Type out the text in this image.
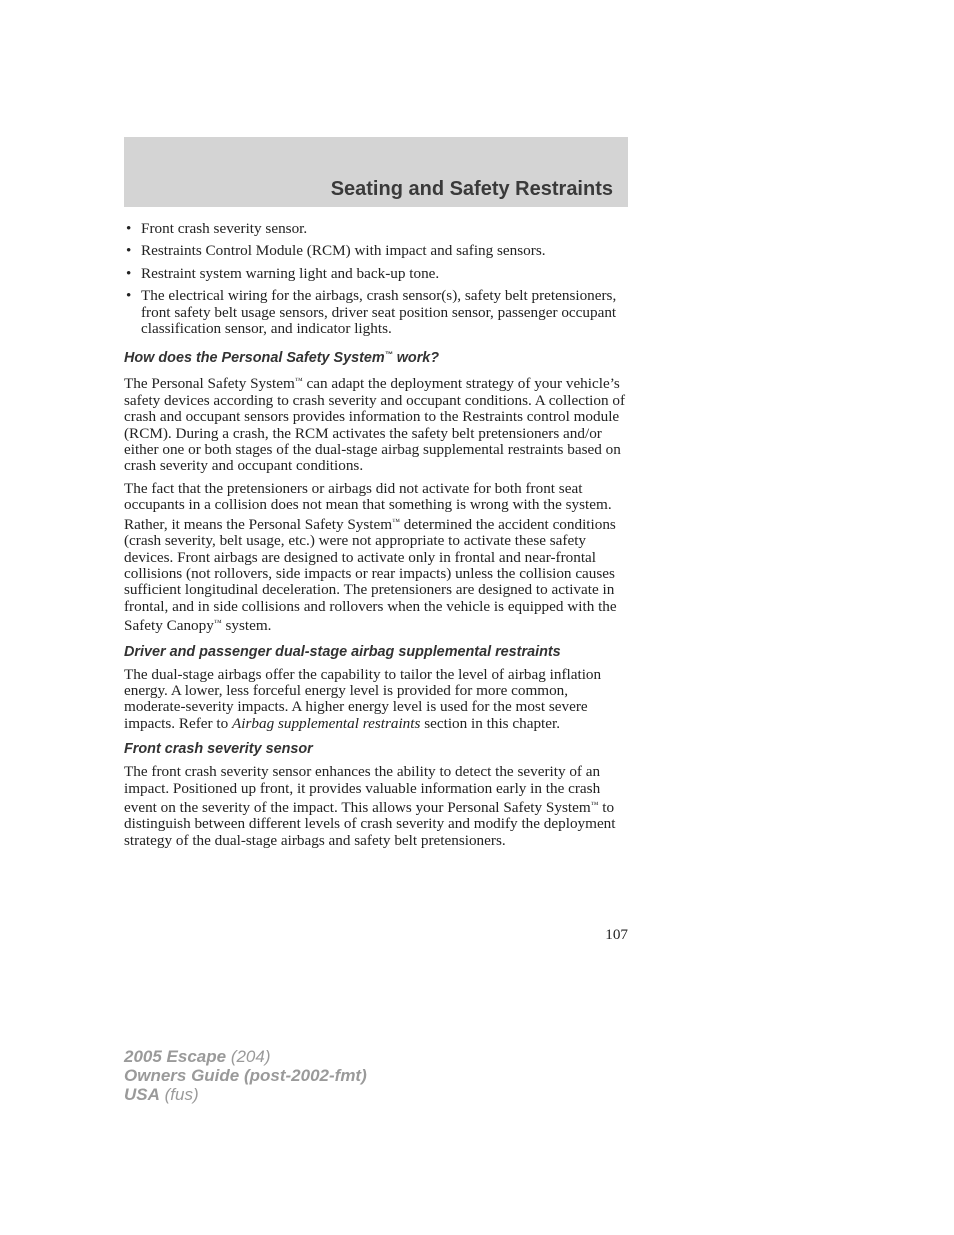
Seating and Safety Restraints
• Front crash severity sensor.
• Restraints Control Module (RCM) with impact and safing sensors.
• Restraint system warning light and back-up tone.
• The electrical wiring for the airbags, crash sensor(s), safety belt pretensioners, front safety belt usage sensors, driver seat position sensor, passenger occupant classification sensor, and indicator lights.
How does the Personal Safety System™ work?

The Personal Safety System™ can adapt the deployment strategy of your vehicle’s safety devices according to crash severity and occupant conditions. A collection of crash and occupant sensors provides information to the Restraints control module (RCM). During a crash, the RCM activates the safety belt pretensioners and/or either one or both stages of the dual-stage airbag supplemental restraints based on crash severity and occupant conditions.

The fact that the pretensioners or airbags did not activate for both front seat occupants in a collision does not mean that something is wrong with the system. Rather, it means the Personal Safety System™ determined the accident conditions (crash severity, belt usage, etc.) were not appropriate to activate these safety devices. Front airbags are designed to activate only in frontal and near-frontal collisions (not rollovers, side impacts or rear impacts) unless the collision causes sufficient longitudinal deceleration. The pretensioners are designed to activate in frontal, and in side collisions and rollovers when the vehicle is equipped with the Safety Canopy™ system.

Driver and passenger dual-stage airbag supplemental restraints

The dual-stage airbags offer the capability to tailor the level of airbag inflation energy. A lower, less forceful energy level is provided for more common, moderate-severity impacts. A higher energy level is used for the most severe impacts. Refer to Airbag supplemental restraints section in this chapter.

Front crash severity sensor

The front crash severity sensor enhances the ability to detect the severity of an impact. Positioned up front, it provides valuable information early in the crash event on the severity of the impact. This allows your Personal Safety System™ to distinguish between different levels of crash severity and modify the deployment strategy of the dual-stage airbags and safety belt pretensioners.

107
2005 Escape (204)
Owners Guide (post-2002-fmt)
USA (fus)
